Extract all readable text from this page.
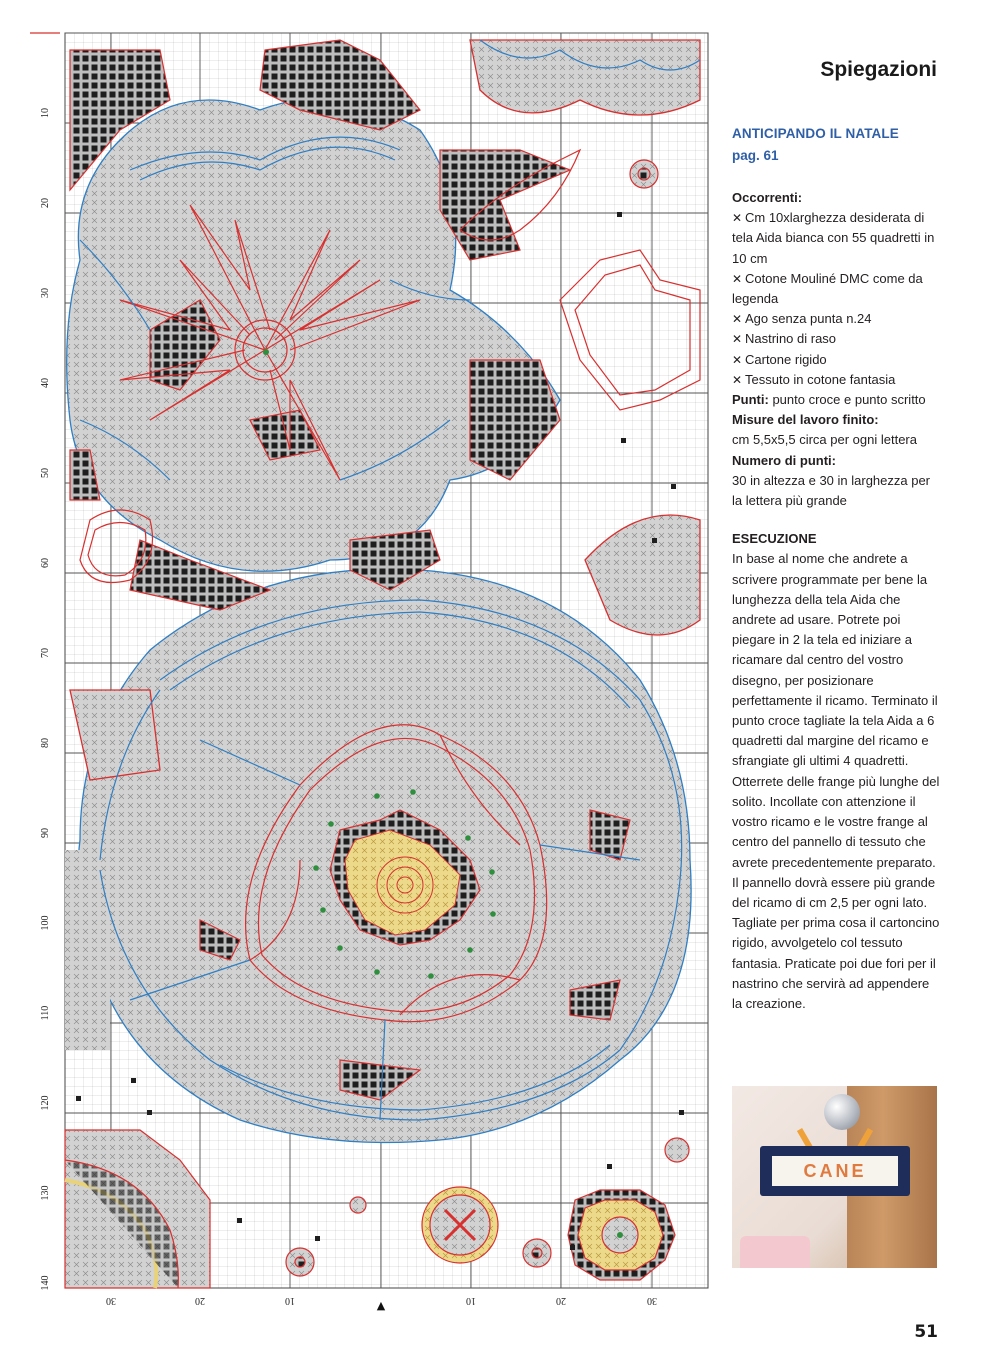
10
20
30
40
50
60
70
80
90
100
110
120
130
140
30	20	10	10	20	30
▲
Spiegazioni
ANTICIPANDO IL NATALE
pag. 61
Occorrenti:
✕ Cm 10xlarghezza desiderata di tela Aida bianca con 55 quadretti in 10 cm
✕ Cotone Mouliné DMC come da legenda
✕ Ago senza punta n.24
✕ Nastrino di raso
✕ Cartone rigido
✕ Tessuto in cotone fantasia
Punti: punto croce e punto scritto
Misure del lavoro finito:
cm 5,5x5,5 circa per ogni lettera
Numero di punti:
30 in altezza e 30 in larghezza per la lettera più grande
ESECUZIONE
In base al nome che andrete a scrivere programmate per bene la lunghezza della tela Aida che andrete ad usare. Potrete poi piegare in 2 la tela ed iniziare a ricamare dal centro del vostro disegno, per posizionare perfettamente il ricamo. Terminato il punto croce tagliate la tela Aida a 6 quadretti dal margine del ricamo e sfrangiate gli ultimi 4 quadretti. Otterrete delle frange più lunghe del solito. Incollate con attenzione il vostro ricamo e le vostre frange al centro del pannello di tessuto che avrete precedentemente preparato. Il pannello dovrà essere più grande del ricamo di cm 2,5 per ogni lato. Tagliate per prima cosa il cartoncino rigido, avvolgetelo col tessuto fantasia. Praticate poi due fori per il nastrino che servirà ad appendere la creazione.
CANE
51
